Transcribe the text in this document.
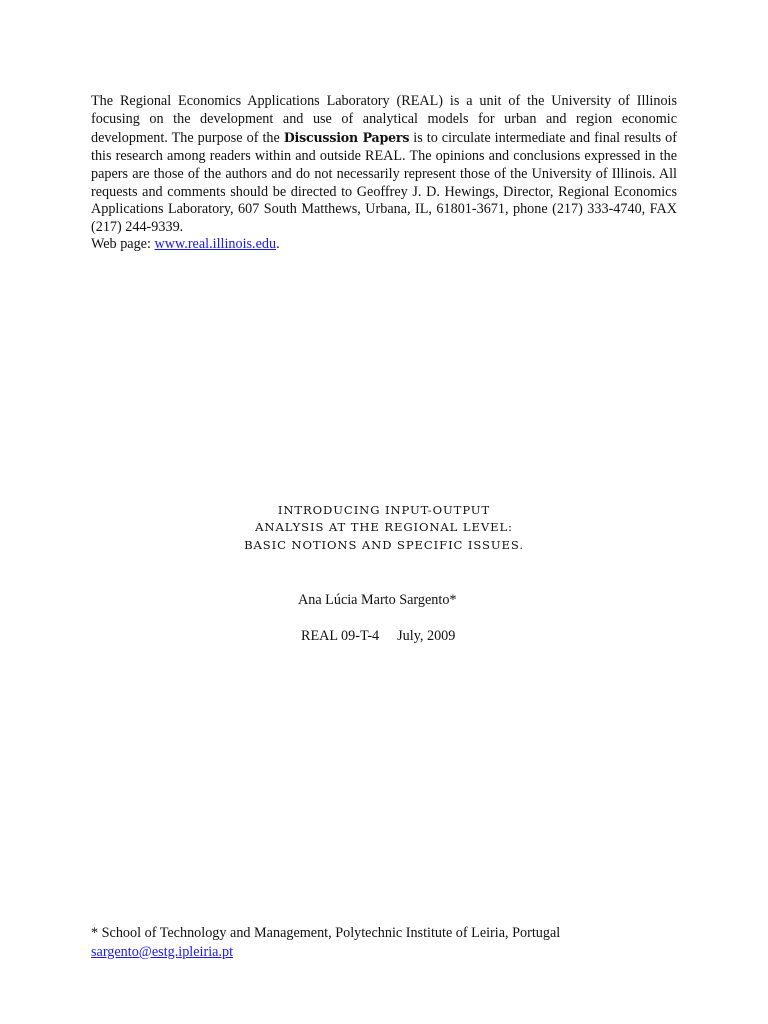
The Regional Economics Applications Laboratory (REAL) is a unit of the University of Illinois focusing on the development and use of analytical models for urban and region economic development. The purpose of the Discussion Papers is to circulate intermediate and final results of this research among readers within and outside REAL. The opinions and conclusions expressed in the papers are those of the authors and do not necessarily represent those of the University of Illinois. All requests and comments should be directed to Geoffrey J. D. Hewings, Director, Regional Economics Applications Laboratory, 607 South Matthews, Urbana, IL, 61801-3671, phone (217) 333-4740, FAX (217) 244-9339.

Web page: www.real.illinois.edu.
INTRODUCING INPUT-OUTPUT
ANALYSIS AT THE REGIONAL LEVEL:
BASIC NOTIONS AND SPECIFIC ISSUES.
Ana Lúcia Marto Sargento*
REAL 09-T-4 July, 2009
* School of Technology and Management, Polytechnic Institute of Leiria, Portugal
sargento@estg.ipleiria.pt
